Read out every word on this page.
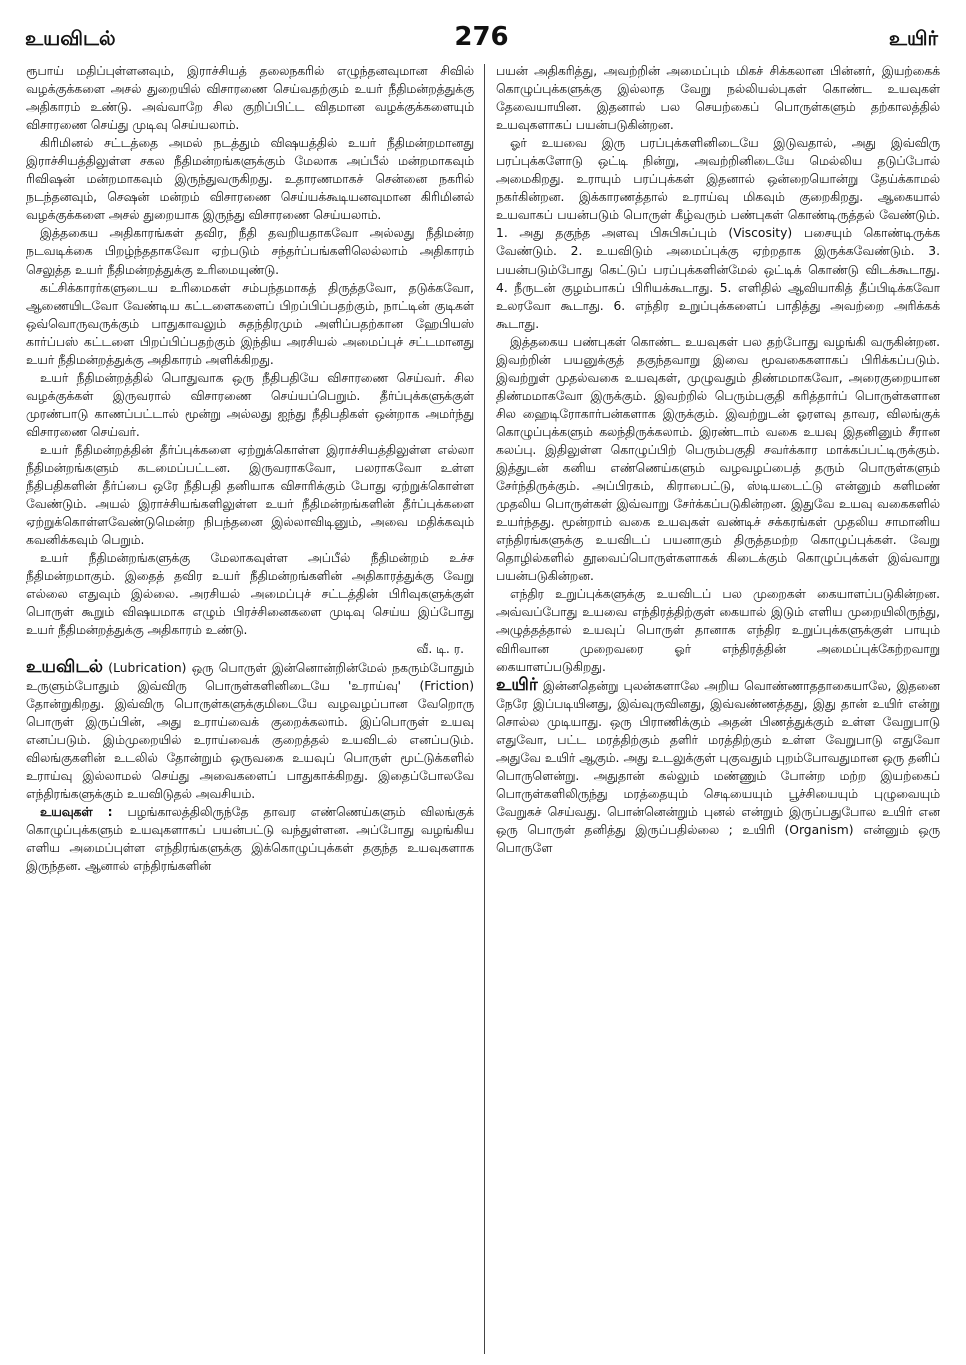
உயவிடல்	276	உயிர்

ரூபாய் மதிப்புள்ளனவும், இராச்சியத் தலைநகரில் எழுந்தனவுமான சிவில் வழக்குக்களை அசல் துறையில் விசாரணை செய்வதற்கும் உயர் நீதிமன்றத்துக்கு அதிகாரம் உண்டு. அவ்வாறே சில குறிப்பிட்ட விதமான வழக்குக்களையும் விசாரணை செய்து முடிவு செய்யலாம்.

கிரிமினல் சட்டத்தை அமல் நடத்தும் விஷயத்தில் உயர் நீதிமன்றமானது இராச்சியத்திலுள்ள சகல நீதிமன்றங்களுக்கும் மேலாக அப்பீல் மன்றமாகவும் ரிவிஷன் மன்றமாகவும் இருந்துவருகிறது. உதாரணமாகச் சென்னை நகரில் நடந்தனவும், செஷன் மன்றம் விசாரணை செய்யக்கூடியனவுமான கிரிமினல் வழக்குக்களை அசல் துறையாக இருந்து விசாரணை செய்யலாம்.

இத்தகைய அதிகாரங்கள் தவிர, நீதி தவறியதாகவோ அல்லது நீதிமன்ற நடவடிக்கை பிறழ்ந்ததாகவோ ஏற்படும் சந்தர்ப்பங்களிலெல்லாம் அதிகாரம் செலுத்த உயர் நீதிமன்றத்துக்கு உரிமையுண்டு.

கட்சிக்காரர்களுடைய உரிமைகள் சம்பந்தமாகத் திருத்தவோ, தடுக்கவோ, ஆணையிடவோ வேண்டிய கட்டளைகளைப் பிறப்பிப்பதற்கும், நாட்டின் குடிகள் ஒவ்வொருவருக்கும் பாதுகாவலும் சுதந்திரமும் அளிப்பதற்கான ஹேபியஸ் கார்ப்பஸ் கட்டளை பிறப்பிப்பதற்கும் இந்திய அரசியல் அமைப்புச் சட்டமானது உயர் நீதிமன்றத்துக்கு அதிகாரம் அளிக்கிறது.

உயர் நீதிமன்றத்தில் பொதுவாக ஒரு நீதிபதியே விசாரணை செய்வர். சில வழக்குக்கள் இருவரால் விசாரணை செய்யப்பெறும். தீர்ப்புக்களுக்குள் முரண்பாடு காணப்பட்டால் மூன்று அல்லது ஐந்து நீதிபதிகள் ஒன்றாக அமர்ந்து விசாரணை செய்வர்.

உயர் நீதிமன்றத்தின் தீர்ப்புக்களை ஏற்றுக்கொள்ள இராச்சியத்திலுள்ள எல்லா நீதிமன்றங்களும் கடமைப்பட்டன. இருவராகவோ, பலராகவோ உள்ள நீதிபதிகளின் தீர்ப்பை ஒரே நீதிபதி தனியாக விசாரிக்கும் போது ஏற்றுக்கொள்ள வேண்டும். அயல் இராச்சியங்களிலுள்ள உயர் நீதிமன்றங்களின் தீர்ப்புக்களை ஏற்றுக்கொள்ளவேண்டுமென்ற நிபந்தனை இல்லாவிடினும், அவை மதிக்கவும் கவனிக்கவும் பெறும்.

உயர் நீதிமன்றங்களுக்கு மேலாகவுள்ள அப்பீல் நீதிமன்றம் உச்ச நீதிமன்றமாகும். இதைத் தவிர உயர் நீதிமன்றங்களின் அதிகாரத்துக்கு வேறு எல்லை எதுவும் இல்லை. அரசியல் அமைப்புச் சட்டத்தின் பிரிவுகளுக்குள் பொருள் கூறும் விஷயமாக எழும் பிரச்சினைகளை முடிவு செய்ய இப்போது உயர் நீதிமன்றத்துக்கு அதிகாரம் உண்டு.

வீ. டி. ர.

உயவிடல் (Lubrication) ஒரு பொருள் இன்னொன்றின்மேல் நகரும்போதும் உருளும்போதும் இவ்விரு பொருள்களினிடையே 'உராய்வு' (Friction) தோன்றுகிறது. இவ்விரு பொருள்களுக்குமிடையே வழவழப்பான வேறொரு பொருள் இருப்பின், அது உராய்வைக் குறைக்கலாம். இப்பொருள் உயவு எனப்படும். இம்முறையில் உராய்வைக் குறைத்தல் உயவிடல் எனப்படும். விலங்குகளின் உடலில் தோன்றும் ஒருவகை உயவுப் பொருள் மூட்டுக்களில் உராய்வு இல்லாமல் செய்து அவைகளைப் பாதுகாக்கிறது. இதைப்போலவே எந்திரங்களுக்கும் உயவிடுதல் அவசியம்.

உயவுகள் : பழங்காலத்திலிருந்தே தாவர எண்ணெய்களும் விலங்குக் கொழுப்புக்களும் உயவுகளாகப் பயன்பட்டு வந்துள்ளன. அப்போது வழங்கிய எளிய அமைப்புள்ள எந்திரங்களுக்கு இக்கொழுப்புக்கள் தகுந்த உயவுகளாக இருந்தன. ஆனால் எந்திரங்களின்

பயன் அதிகரித்து, அவற்றின் அமைப்பும் மிகச் சிக்கலான பின்னர், இயற்கைக் கொழுப்புக்களுக்கு இல்லாத வேறு நல்லியல்புகள் கொண்ட உயவுகள் தேவையாயின. இதனால் பல செயற்கைப் பொருள்களும் தற்காலத்தில் உயவுகளாகப் பயன்படுகின்றன.

ஓர் உயவை இரு பரப்புக்களினிடையே இடுவதால், அது இவ்விரு பரப்புக்களோடு ஒட்டி நின்று, அவற்றினிடையே மெல்லிய தடுப்போல் அமைகிறது. உராயும் பரப்புக்கள் இதனால் ஒன்றையொன்று தேய்க்காமல் நகர்கின்றன. இக்காரணத்தால் உராய்வு மிகவும் குறைகிறது. ஆகையால் உயவாகப் பயன்படும் பொருள் கீழ்வரும் பண்புகள் கொண்டிருத்தல் வேண்டும். 1. அது தகுந்த அளவு பிசுபிசுப்பும் (Viscosity) பசையும் கொண்டிருக்க வேண்டும். 2. உயவிடும் அமைப்புக்கு ஏற்றதாக இருக்கவேண்டும். 3. பயன்படும்போது கெட்டுப் பரப்புக்களின்மேல் ஒட்டிக் கொண்டு விடக்கூடாது. 4. நீருடன் குழம்பாகப் பிரியக்கூடாது. 5. எளிதில் ஆவியாகித் தீப்பிடிக்கவோ உலரவோ கூடாது. 6. எந்திர உறுப்புக்களைப் பாதித்து அவற்றை அரிக்கக் கூடாது.

இத்தகைய பண்புகள் கொண்ட உயவுகள் பல தற்போது வழங்கி வருகின்றன. இவற்றின் பயனுக்குத் தகுந்தவாறு இவை மூவகைகளாகப் பிரிக்கப்படும். இவற்றுள் முதல்வகை உயவுகள், முழுவதும் திண்மமாகவோ, அரைகுறையான திண்மமாகவோ இருக்கும். இவற்றில் பெரும்பகுதி கரித்தார்ப் பொருள்களான சில ஹைடிரோகார்பன்களாக இருக்கும். இவற்றுடன் ஓரளவு தாவர, விலங்குக் கொழுப்புக்களும் கலந்திருக்கலாம். இரண்டாம் வகை உயவு இதனினும் சீரான கலப்பு. இதிலுள்ள கொழுப்பிற் பெரும்பகுதி சவர்க்கார மாக்கப்பட்டிருக்கும். இத்துடன் கனிய எண்ணெய்களும் வழவழப்பைத் தரும் பொருள்களும் சேர்ந்திருக்கும். அப்பிரகம், கிராபைட்டு, ஸ்டியடைட்டு என்னும் களிமண் முதலிய பொருள்கள் இவ்வாறு சேர்க்கப்படுகின்றன. இதுவே உயவு வகைகளில் உயர்ந்தது. மூன்றாம் வகை உயவுகள் வண்டிச் சக்கரங்கள் முதலிய சாமானிய எந்திரங்களுக்கு உயவிடப் பயனாகும் திருத்தமற்ற கொழுப்புக்கள். வேறு தொழில்களில் தூவைப்பொருள்களாகக் கிடைக்கும் கொழுப்புக்கள் இவ்வாறு பயன்படுகின்றன.

எந்திர உறுப்புக்களுக்கு உயவிடப் பல முறைகள் கையாளப்படுகின்றன. அவ்வப்போது உயவை எந்திரத்திற்குள் கையால் இடும் எளிய முறையிலிருந்து, அழுத்தத்தால் உயவுப் பொருள் தானாக எந்திர உறுப்புக்களுக்குள் பாயும் விரிவான முறைவரை ஓர் எந்திரத்தின் அமைப்புக்கேற்றவாறு கையாளப்படுகிறது.

உயிர் இன்னதென்று புலன்களாலே அறிய வொண்ணாததாகையாலே, இதனை நேரே இப்படியினது, இவ்வுருவினது, இவ்வண்ணத்தது, இது தான் உயிர் என்று சொல்ல முடியாது. ஒரு பிராணிக்கும் அதன் பிணத்துக்கும் உள்ள வேறுபாடு எதுவோ, பட்ட மரத்திற்கும் தளிர் மரத்திற்கும் உள்ள வேறுபாடு எதுவோ அதுவே உயிர் ஆகும். அது உடலுக்குள் புகுவதும் புறம்போவதுமான ஒரு தனிப் பொருளென்று. அதுதான் கல்லும் மண்ணும் போன்ற மற்ற இயற்கைப் பொருள்களிலிருந்து மரத்தையும் செடியையும் பூச்சியையும் புழுவையும் வேறுகச் செய்வது. பொன்னென்றும் புனல் என்றும் இருப்பதுபோல உயிர் என ஒரு பொருள் தனித்து இருப்பதில்லை ; உயிரி (Organism) என்னும் ஒரு பொருளே
